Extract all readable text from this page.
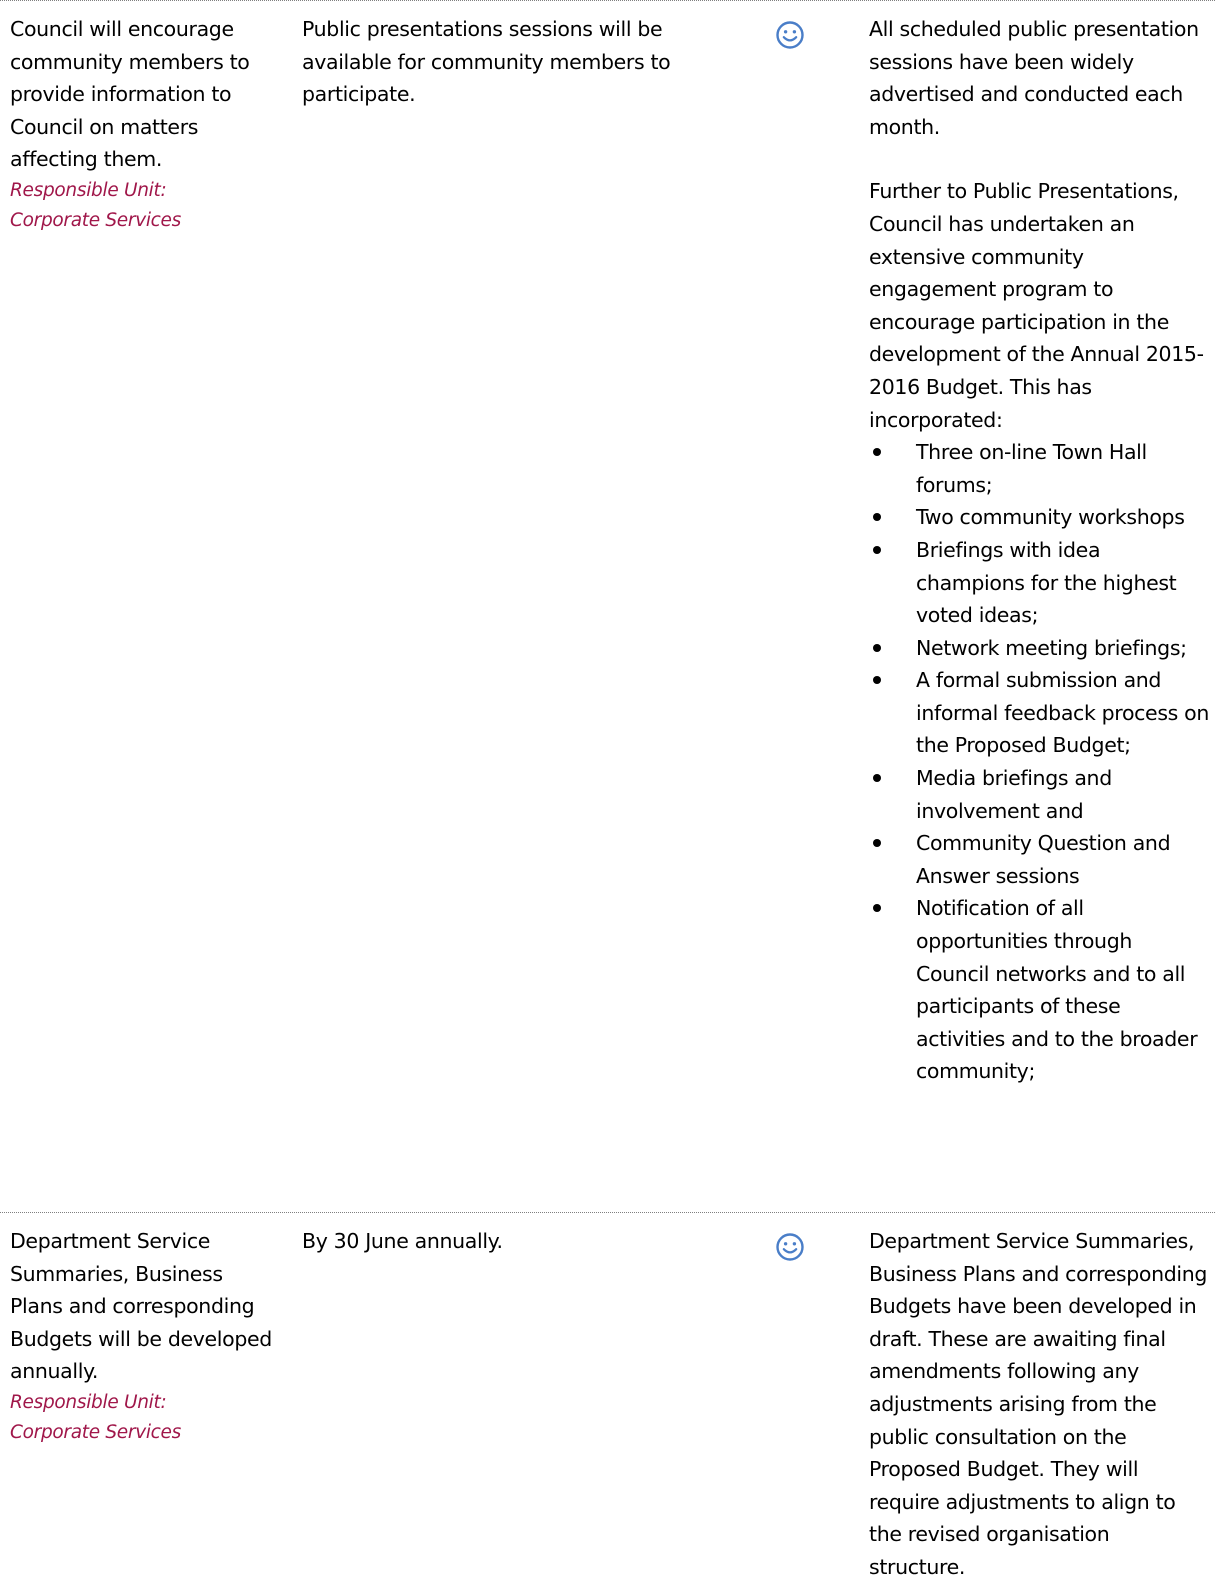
Council will encourage community members to provide information to Council on matters affecting them.
Responsible Unit:
Corporate Services
Public presentations sessions will be available for community members to participate.

All scheduled public presentation sessions have been widely advertised and conducted each month.

Further to Public Presentations, Council has undertaken an extensive community engagement program to encourage participation in the development of the Annual 2015-2016 Budget. This has incorporated:

Three on-line Town Hall forums;
Two community workshops
Briefings with idea champions for the highest voted ideas;
Network meeting briefings;
A formal submission and informal feedback process on the Proposed Budget;
Media briefings and involvement and
Community Question and Answer sessions
Notification of all opportunities through Council networks and to all participants of these activities and to the broader community;
Department Service Summaries, Business Plans and corresponding Budgets will be developed annually.
Responsible Unit:
Corporate Services
By 30 June annually.	Department Service Summaries, Business Plans and corresponding Budgets have been developed in draft. These are awaiting final amendments following any adjustments arising from the public consultation on the Proposed Budget. They will require adjustments to align to the revised organisation structure.
